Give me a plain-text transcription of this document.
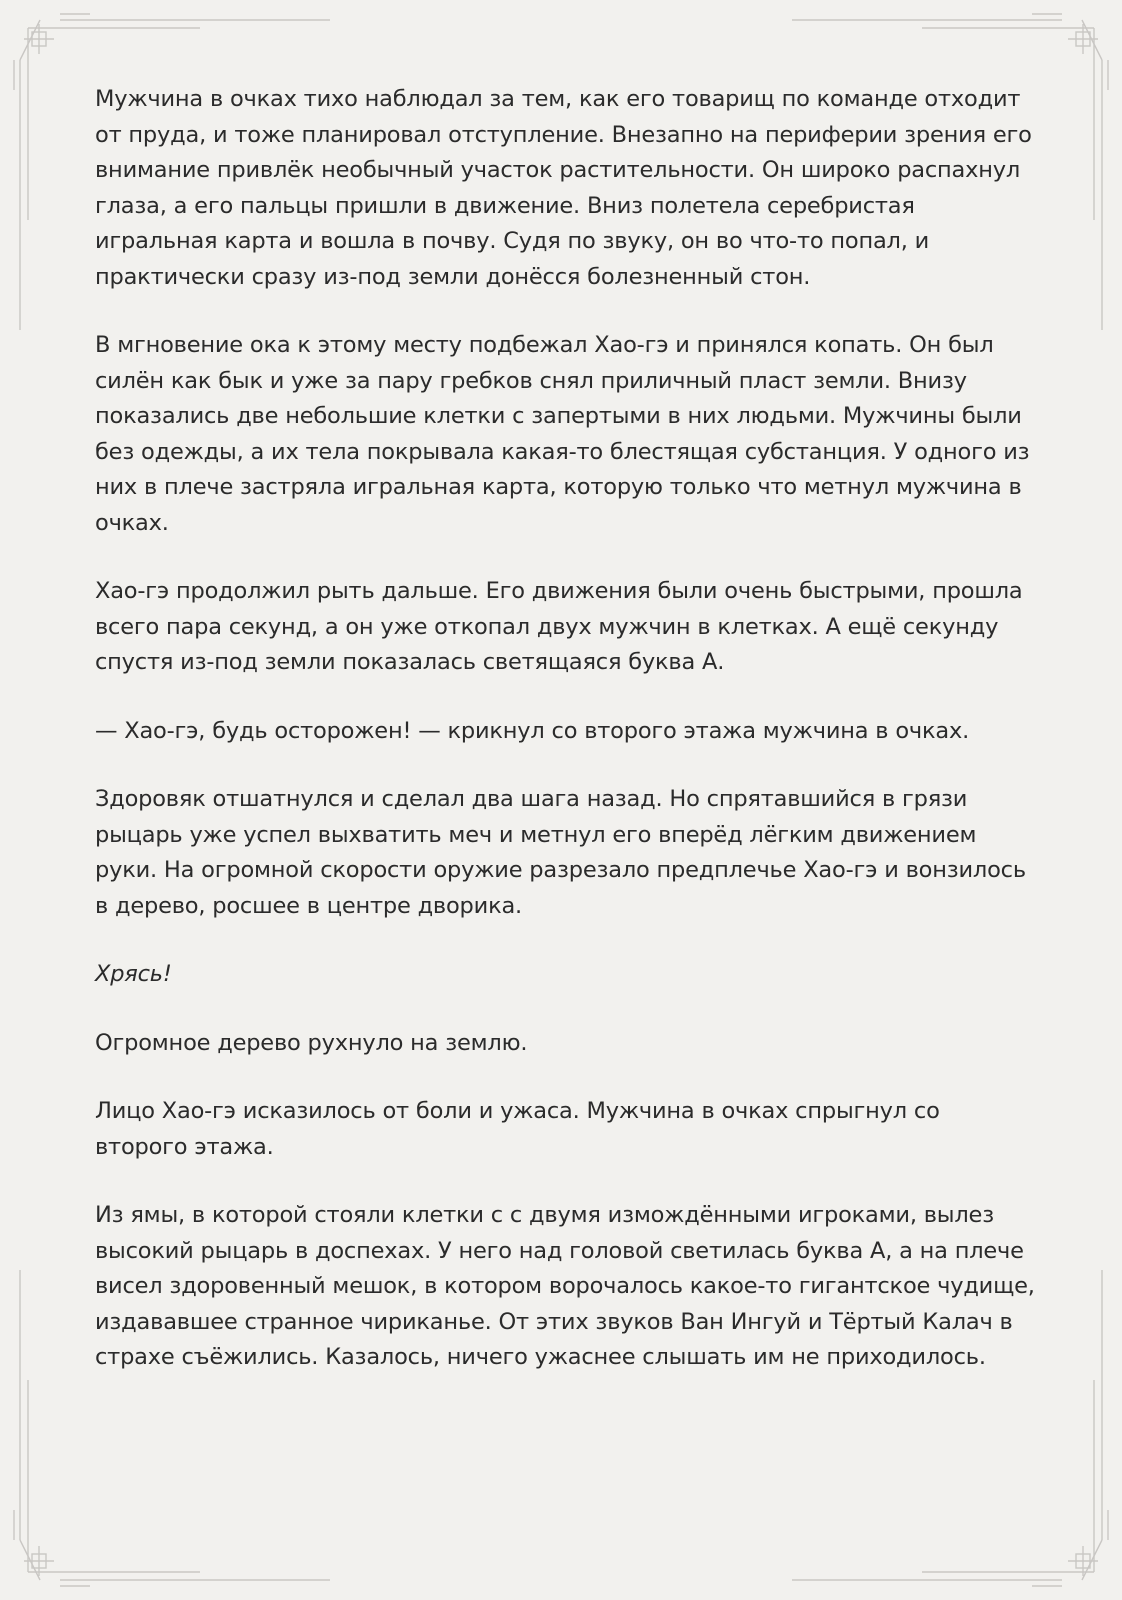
Мужчина в очках тихо наблюдал за тем, как его товарищ по команде отходит от пруда, и тоже планировал отступление. Внезапно на периферии зрения его внимание привлёк необычный участок растительности. Он широко распахнул глаза, а его пальцы пришли в движение. Вниз полетела серебристая игральная карта и вошла в почву. Судя по звуку, он во что-то попал, и практически сразу из-под земли донёсся болезненный стон.

В мгновение ока к этому месту подбежал Хао-гэ и принялся копать. Он был силён как бык и уже за пару гребков снял приличный пласт земли. Внизу показались две небольшие клетки с запертыми в них людьми. Мужчины были без одежды, а их тела покрывала какая-то блестящая субстанция. У одного из них в плече застряла игральная карта, которую только что метнул мужчина в очках.

Хао-гэ продолжил рыть дальше. Его движения были очень быстрыми, прошла всего пара секунд, а он уже откопал двух мужчин в клетках. А ещё секунду спустя из-под земли показалась светящаяся буква А.

— Хао-гэ, будь осторожен! — крикнул со второго этажа мужчина в очках.

Здоровяк отшатнулся и сделал два шага назад. Но спрятавшийся в грязи рыцарь уже успел выхватить меч и метнул его вперёд лёгким движением руки. На огромной скорости оружие разрезало предплечье Хао-гэ и вонзилось в дерево, росшее в центре дворика.

Хрясь!

Огромное дерево рухнуло на землю.

Лицо Хао-гэ исказилось от боли и ужаса. Мужчина в очках спрыгнул со второго этажа.

Из ямы, в которой стояли клетки с с двумя измождёнными игроками, вылез высокий рыцарь в доспехах. У него над головой светилась буква А, а на плече висел здоровенный мешок, в котором ворочалось какое-то гигантское чудище, издававшее странное чириканье. От этих звуков Ван Ингуй и Тёртый Калач в страхе съёжились. Казалось, ничего ужаснее слышать им не приходилось.
